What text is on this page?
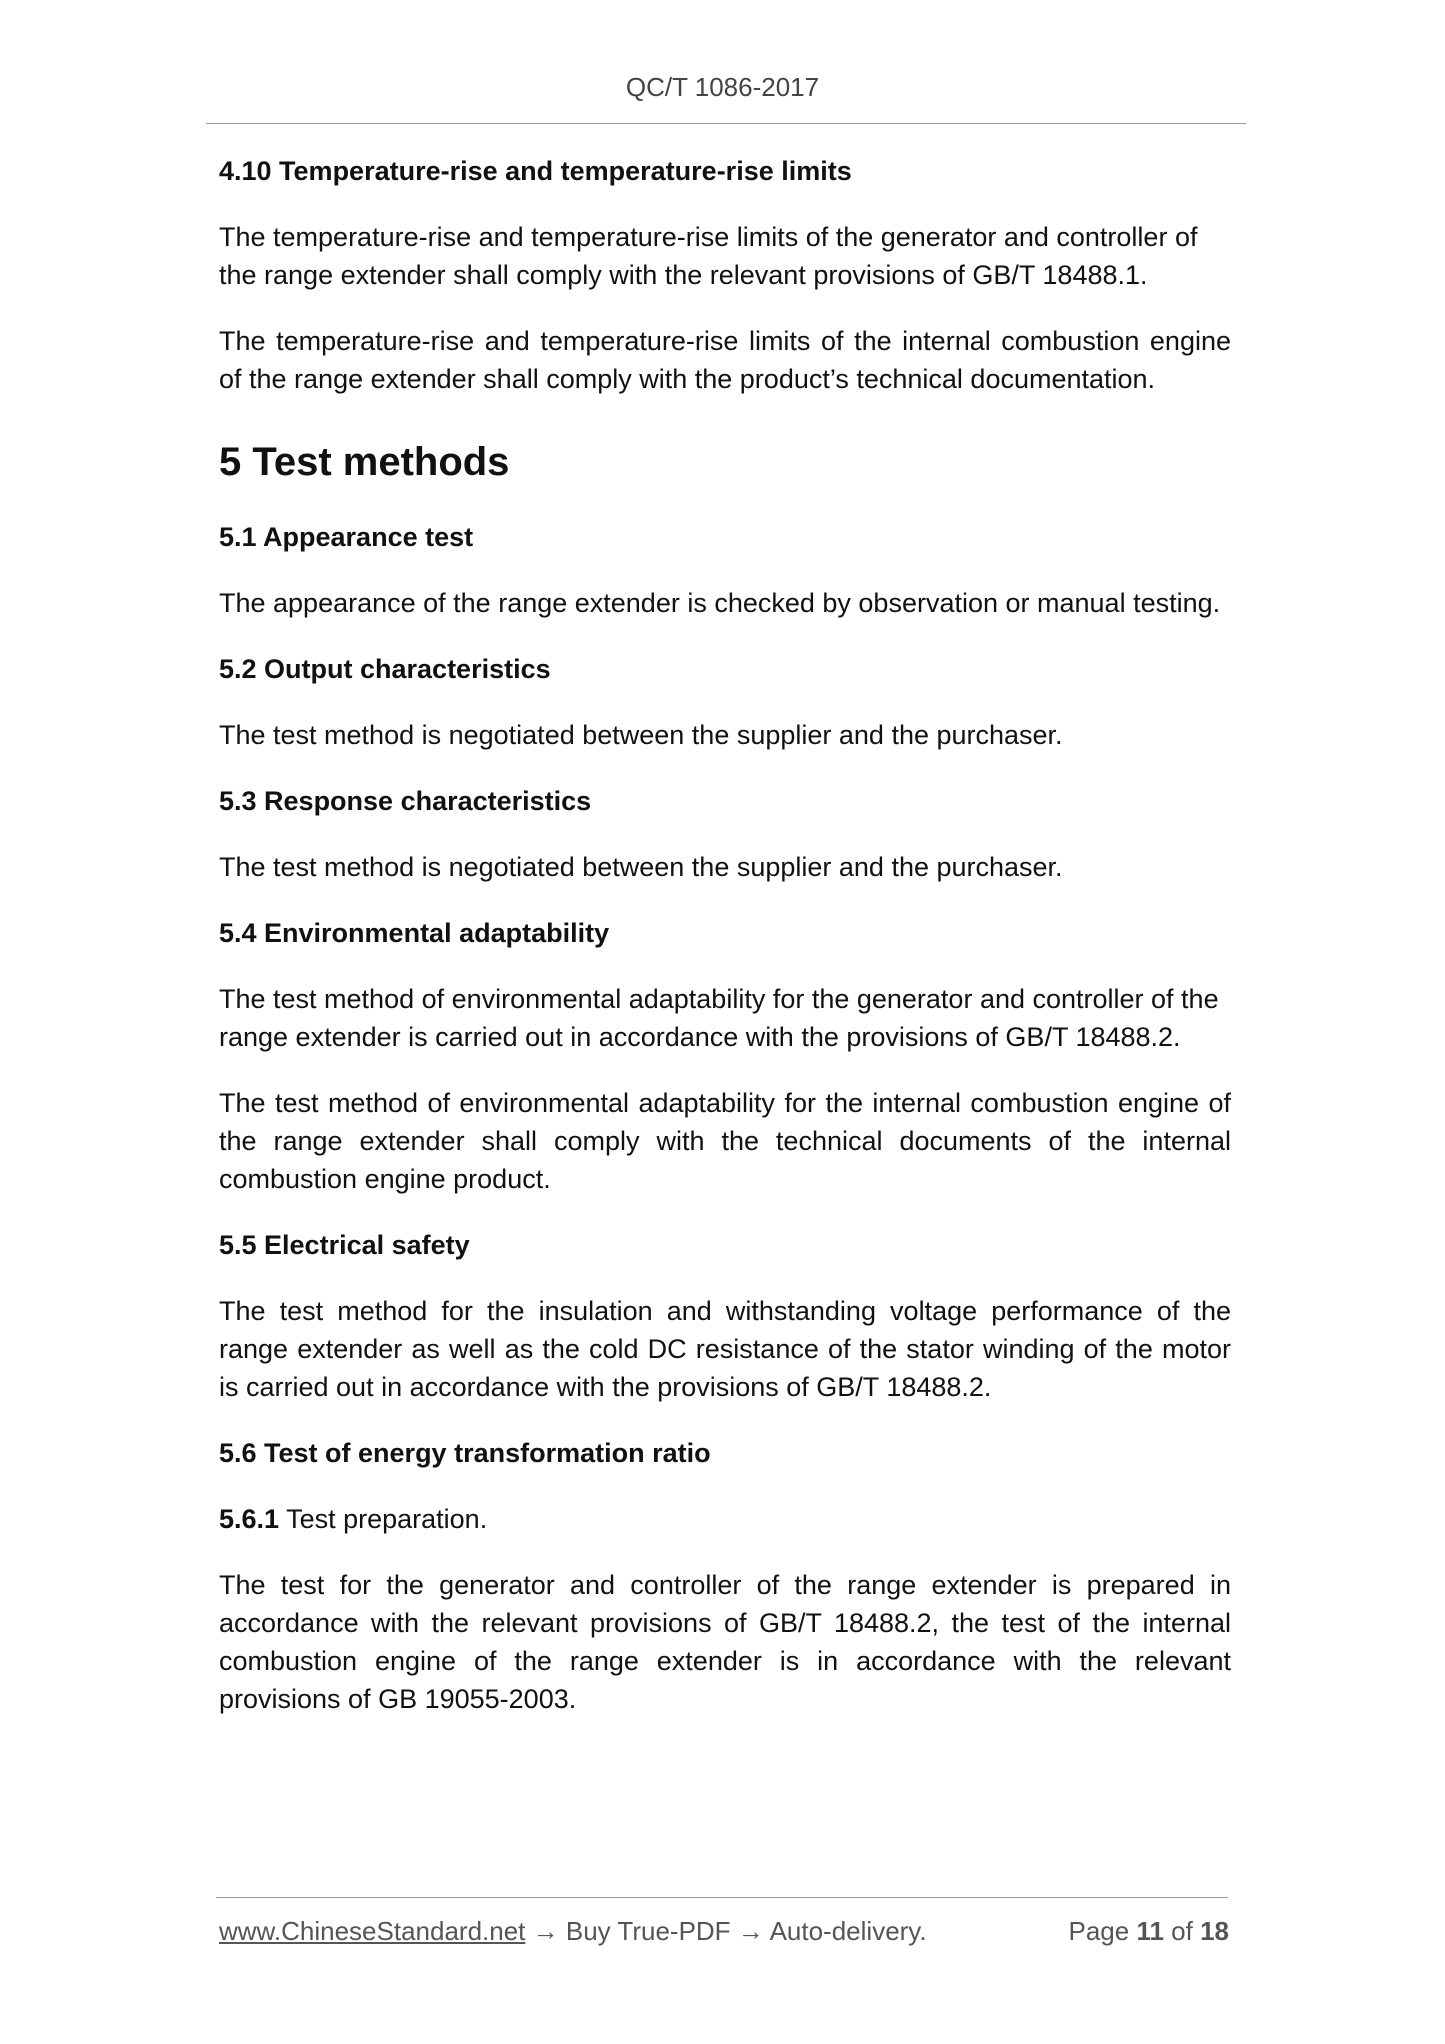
QC/T 1086-2017
4.10 Temperature-rise and temperature-rise limits

The temperature-rise and temperature-rise limits of the generator and controller of the range extender shall comply with the relevant provisions of GB/T 18488.1.

The temperature-rise and temperature-rise limits of the internal combustion engine of the range extender shall comply with the product’s technical documentation.

5 Test methods
5.1 Appearance test

The appearance of the range extender is checked by observation or manual testing.

5.2 Output characteristics

The test method is negotiated between the supplier and the purchaser.

5.3 Response characteristics

The test method is negotiated between the supplier and the purchaser.

5.4 Environmental adaptability

The test method of environmental adaptability for the generator and controller of the range extender is carried out in accordance with the provisions of GB/T 18488.2.

The test method of environmental adaptability for the internal combustion engine of the range extender shall comply with the technical documents of the internal combustion engine product.

5.5 Electrical safety

The test method for the insulation and withstanding voltage performance of the range extender as well as the cold DC resistance of the stator winding of the motor is carried out in accordance with the provisions of GB/T 18488.2.

5.6 Test of energy transformation ratio

5.6.1 Test preparation.

The test for the generator and controller of the range extender is prepared in accordance with the relevant provisions of GB/T 18488.2, the test of the internal combustion engine of the range extender is in accordance with the relevant provisions of GB 19055-2003.

www.ChineseStandard.net → Buy True-PDF → Auto-delivery.	Page 11 of 18
